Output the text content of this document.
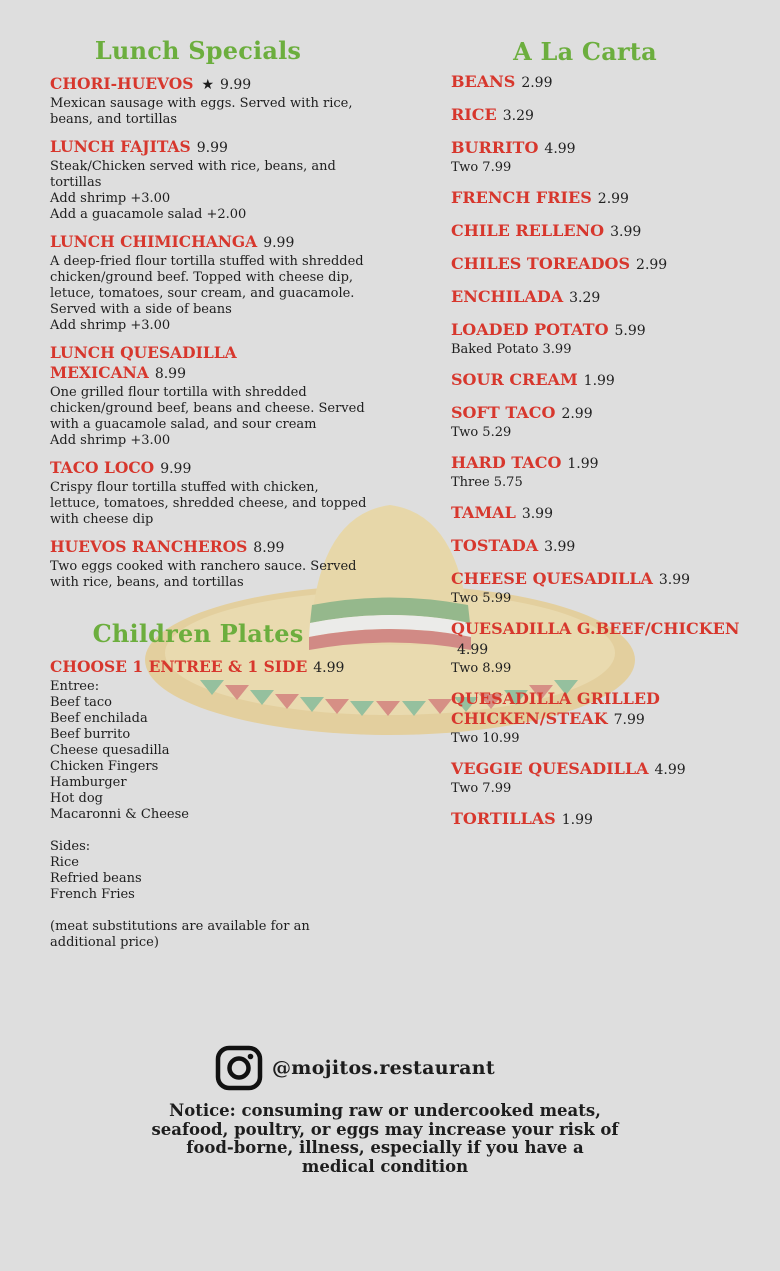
Lunch Specials
CHORI-HUEVOS ★ 9.99
Mexican sausage with eggs. Served with rice, beans, and tortillas
LUNCH FAJITAS 9.99
Steak/Chicken served with rice, beans, and tortillas
Add shrimp +3.00
Add a guacamole salad +2.00
LUNCH CHIMICHANGA 9.99
A deep-fried flour tortilla stuffed with shredded chicken/ground beef. Topped with cheese dip, letuce, tomatoes, sour cream, and guacamole. Served with a side of beans
Add shrimp +3.00
LUNCH QUESADILLA MEXICANA 8.99
One grilled flour tortilla with shredded chicken/ground beef, beans and cheese. Served with a guacamole salad, and sour cream
Add shrimp +3.00
TACO LOCO 9.99
Crispy flour tortilla stuffed with chicken, lettuce, tomatoes, shredded cheese, and topped with cheese dip
HUEVOS RANCHEROS 8.99
Two eggs cooked with ranchero sauce. Served with rice, beans, and tortillas
Children Plates
CHOOSE 1 ENTREE & 1 SIDE 4.99
Entree:
Beef taco
Beef enchilada
Beef burrito
Cheese quesadilla
Chicken Fingers
Hamburger
Hot dog
Macaronni & Cheese
Sides:
Rice
Refried beans
French Fries
(meat substitutions are available for an additional price)
A La Carta
BEANS 2.99
RICE 3.29
BURRITO 4.99
Two 7.99
FRENCH FRIES 2.99
CHILE RELLENO 3.99
CHILES TOREADOS 2.99
ENCHILADA 3.29
LOADED POTATO 5.99
Baked Potato 3.99
SOUR CREAM 1.99
SOFT TACO 2.99
Two 5.29
HARD TACO 1.99
Three 5.75
TAMAL 3.99
TOSTADA 3.99
CHEESE QUESADILLA 3.99
Two 5.99
QUESADILLA G.BEEF/CHICKEN
4.99
Two 8.99
QUESADILLA GRILLED CHICKEN/STEAK 7.99
Two 10.99
VEGGIE QUESADILLA 4.99
Two 7.99
TORTILLAS 1.99
@mojitos.restaurant
Notice: consuming raw or undercooked meats, seafood, poultry, or eggs may increase your risk of food-borne, illness, especially if you have a medical condition
